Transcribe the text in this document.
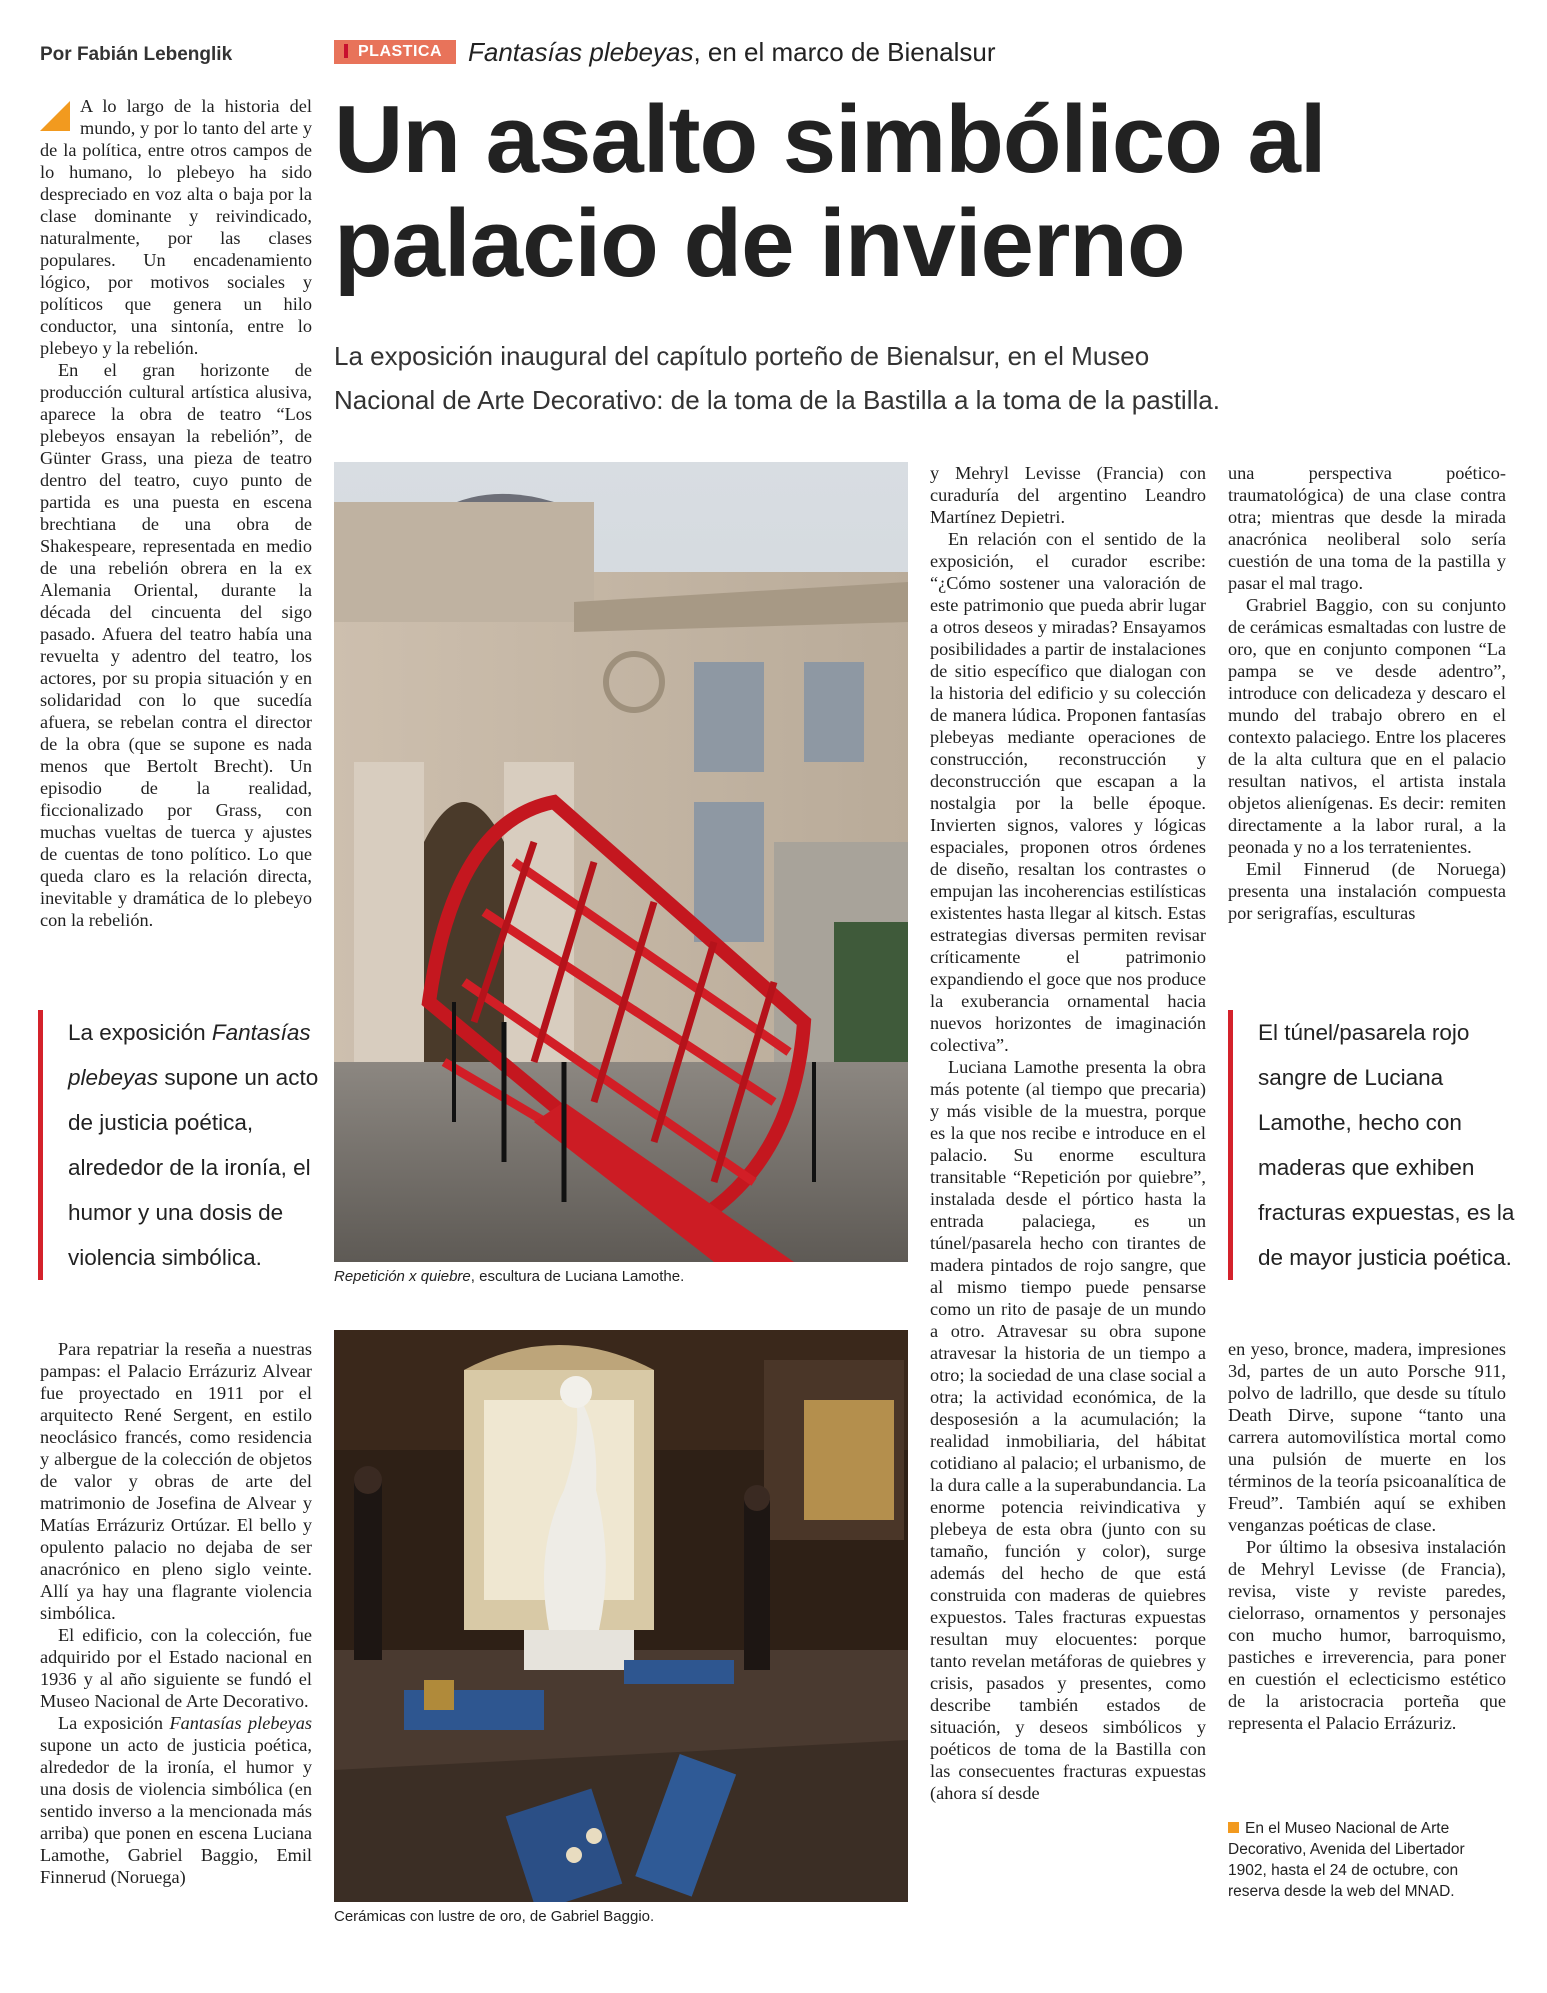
Por Fabián Lebenglik	PLASTICA	Fantasías plebeyas, en el marco de Bienalsur
Un asalto simbólico al
palacio de invierno

La exposición inaugural del capítulo porteño de Bienalsur, en el Museo
Nacional de Arte Decorativo: de la toma de la Bastilla a la toma de la pastilla.

A lo largo de la historia del mundo, y por lo tanto del arte y de la política, entre otros campos de lo humano, lo plebeyo ha sido despreciado en voz alta o baja por la clase dominante y reivindicado, naturalmente, por las clases populares. Un encadenamiento lógico, por motivos sociales y políticos que genera un hilo conductor, una sintonía, entre lo plebeyo y la rebelión.

En el gran horizonte de producción cultural artística alusiva, aparece la obra de teatro “Los plebeyos ensayan la rebelión”, de Günter Grass, una pieza de teatro dentro del teatro, cuyo punto de partida es una puesta en escena brechtiana de una obra de Shakespeare, representada en medio de una rebelión obrera en la ex Alemania Oriental, durante la década del cincuenta del sigo pasado. Afuera del teatro había una revuelta y adentro del teatro, los actores, por su propia situación y en solidaridad con lo que sucedía afuera, se rebelan contra el director de la obra (que se supone es nada menos que Bertolt Brecht). Un episodio de la realidad, ficcionalizado por Grass, con muchas vueltas de tuerca y ajustes de cuentas de tono político. Lo que queda claro es la relación directa, inevitable y dramática de lo plebeyo con la rebelión.

La exposición Fantasías plebeyas supone un acto de justicia poética, alrededor de la ironía, el humor y una dosis de violencia simbólica.

Para repatriar la reseña a nuestras pampas: el Palacio Errázuriz Alvear fue proyectado en 1911 por el arquitecto René Sergent, en estilo neoclásico francés, como residencia y albergue de la colección de objetos de valor y obras de arte del matrimonio de Josefina de Alvear y Matías Errázuriz Ortúzar. El bello y opulento palacio no dejaba de ser anacrónico en pleno siglo veinte. Allí ya hay una flagrante violencia simbólica.

El edificio, con la colección, fue adquirido por el Estado nacional en 1936 y al año siguiente se fundó el Museo Nacional de Arte Decorativo.

La exposición Fantasías plebeyas supone un acto de justicia poética, alrededor de la ironía, el humor y una dosis de violencia simbólica (en sentido inverso a la mencionada más arriba) que ponen en escena Luciana Lamothe, Gabriel Baggio, Emil Finnerud (Noruega)

Repetición x quiebre, escultura de Luciana Lamothe.
Cerámicas con lustre de oro, de Gabriel Baggio.

y Mehryl Levisse (Francia) con curaduría del argentino Leandro Martínez Depietri.

En relación con el sentido de la exposición, el curador escribe: “¿Cómo sostener una valoración de este patrimonio que pueda abrir lugar a otros deseos y miradas? Ensayamos posibilidades a partir de instalaciones de sitio específico que dialogan con la historia del edificio y su colección de manera lúdica. Proponen fantasías plebeyas mediante operaciones de construcción, reconstrucción y deconstrucción que escapan a la nostalgia por la belle époque. Invierten signos, valores y lógicas espaciales, proponen otros órdenes de diseño, resaltan los contrastes o empujan las incoherencias estilísticas existentes hasta llegar al kitsch. Estas estrategias diversas permiten revisar críticamente el patrimonio expandiendo el goce que nos produce la exuberancia ornamental hacia nuevos horizontes de imaginación colectiva”.

Luciana Lamothe presenta la obra más potente (al tiempo que precaria) y más visible de la muestra, porque es la que nos recibe e introduce en el palacio. Su enorme escultura transitable “Repetición por quiebre”, instalada desde el pórtico hasta la entrada palaciega, es un túnel/pasarela hecho con tirantes de madera pintados de rojo sangre, que al mismo tiempo puede pensarse como un rito de pasaje de un mundo a otro. Atravesar su obra supone atravesar la historia de un tiempo a otro; la sociedad de una clase social a otra; la actividad económica, de la desposesión a la acumulación; la realidad inmobiliaria, del hábitat cotidiano al palacio; el urbanismo, de la dura calle a la superabundancia. La enorme potencia reivindicativa y plebeya de esta obra (junto con su tamaño, función y color), surge además del hecho de que está construida con maderas de quiebres expuestos. Tales fracturas expuestas resultan muy elocuentes: porque tanto revelan metáforas de quiebres y crisis, pasados y presentes, como describe también estados de situación, y deseos simbólicos y poéticos de toma de la Bastilla con las consecuentes fracturas expuestas (ahora sí desde

una perspectiva poético- traumatológica) de una clase contra otra; mientras que desde la mirada anacrónica neoliberal solo sería cuestión de una toma de la pastilla y pasar el mal trago.

Grabriel Baggio, con su conjunto de cerámicas esmaltadas con lustre de oro, que en conjunto componen “La pampa se ve desde adentro”, introduce con delicadeza y descaro el mundo del trabajo obrero en el contexto palaciego. Entre los placeres de la alta cultura que en el palacio resultan nativos, el artista instala objetos alienígenas. Es decir: remiten directamente a la labor rural, a la peonada y no a los terratenientes.

Emil Finnerud (de Noruega) presenta una instalación compuesta por serigrafías, esculturas

El túnel/pasarela rojo sangre de Luciana Lamothe, hecho con maderas que exhiben fracturas expuestas, es la de mayor justicia poética.

en yeso, bronce, madera, impresiones 3d, partes de un auto Porsche 911, polvo de ladrillo, que desde su título Death Dirve, supone “tanto una carrera automovilística mortal como una pulsión de muerte en los términos de la teoría psicoanalítica de Freud”. También aquí se exhiben venganzas poéticas de clase.

Por último la obsesiva instalación de Mehryl Levisse (de Francia), revisa, viste y reviste paredes, cielorraso, ornamentos y personajes con mucho humor, barroquismo, pastiches e irreverencia, para poner en cuestión el eclecticismo estético de la aristocracia porteña que representa el Palacio Errázuriz.

En el Museo Nacional de Arte Decorativo, Avenida del Libertador 1902, hasta el 24 de octubre, con reserva desde la web del MNAD.
